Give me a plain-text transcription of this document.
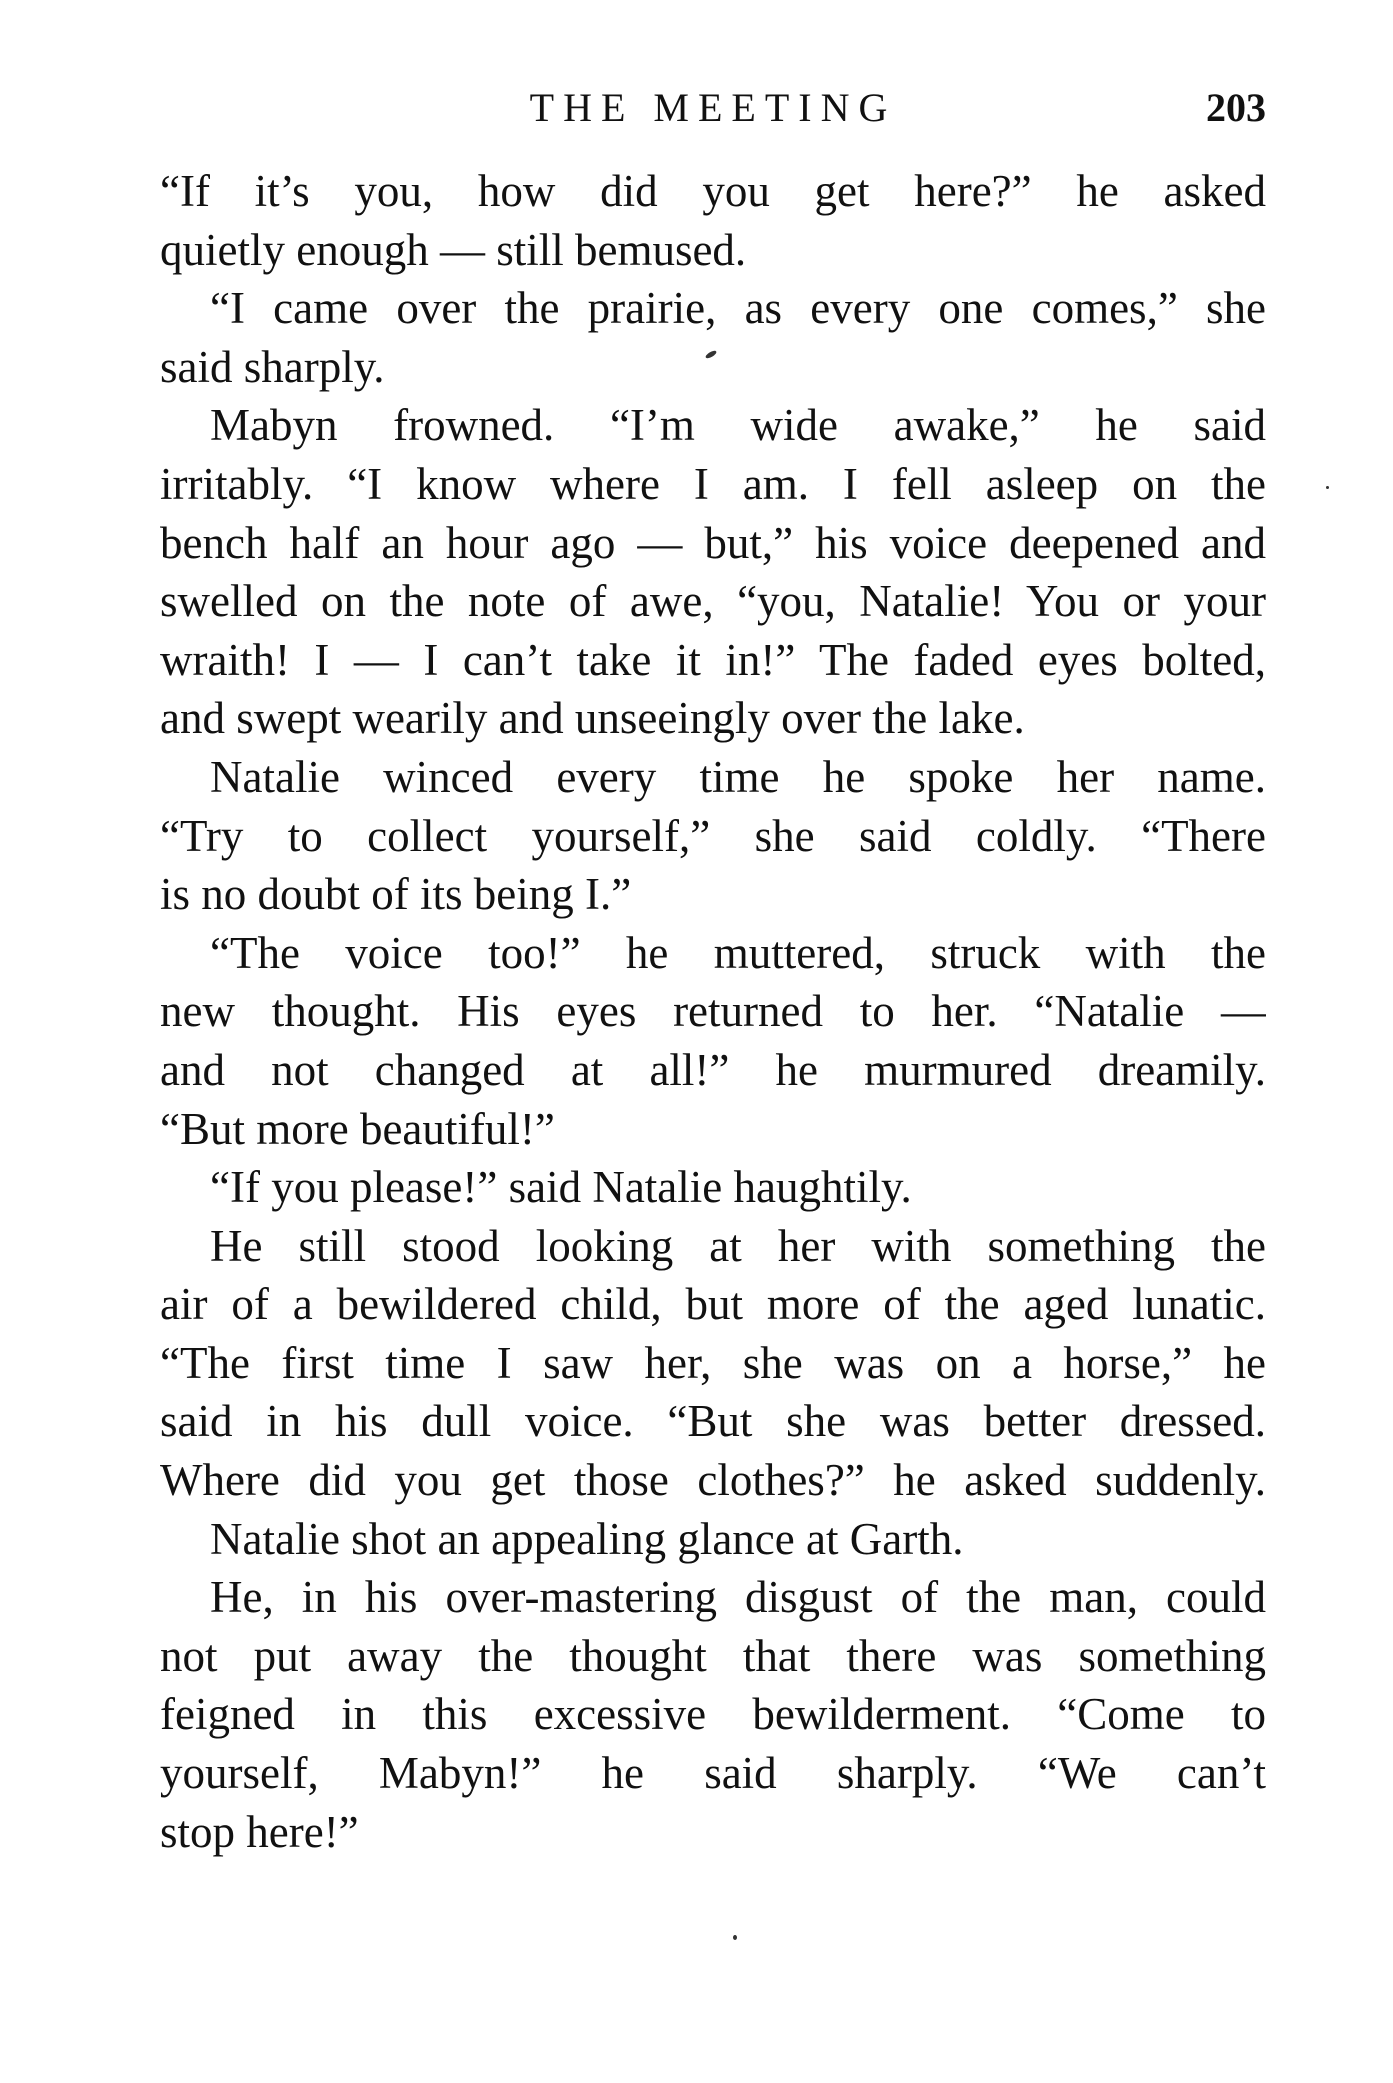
THE MEETING	203
“If it’s you, how did you get here?” he asked
quietly enough — still bemused.
“I came over the prairie, as every one comes,” she
said sharply.
Mabyn frowned. “I’m wide awake,” he said
irritably. “I know where I am. I fell asleep on the
bench half an hour ago — but,” his voice deepened and
swelled on the note of awe, “you, Natalie! You or your
wraith! I — I can’t take it in!” The faded eyes bolted,
and swept wearily and unseeingly over the lake.
Natalie winced every time he spoke her name.
“Try to collect yourself,” she said coldly. “There
is no doubt of its being I.”
“The voice too!” he muttered, struck with the
new thought. His eyes returned to her. “Natalie —
and not changed at all!” he murmured dreamily.
“But more beautiful!”
“If you please!” said Natalie haughtily.
He still stood looking at her with something the
air of a bewildered child, but more of the aged lunatic.
“The first time I saw her, she was on a horse,” he
said in his dull voice. “But she was better dressed.
Where did you get those clothes?” he asked suddenly.
Natalie shot an appealing glance at Garth.
He, in his over-mastering disgust of the man, could
not put away the thought that there was something
feigned in this excessive bewilderment. “Come to
yourself, Mabyn!” he said sharply. “We can’t
stop here!”
